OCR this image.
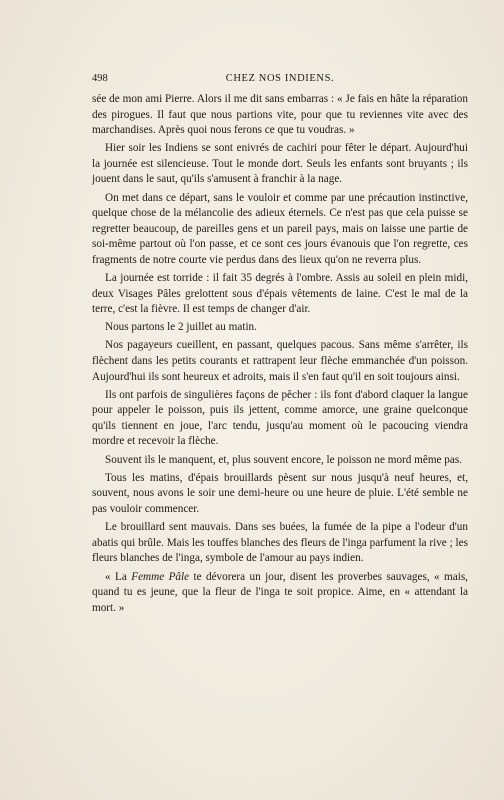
498	CHEZ NOS INDIENS.

sée de mon ami Pierre. Alors il me dit sans embarras : « Je fais en hâte la réparation des pirogues. Il faut que nous partions vite, pour que tu reviennes vite avec des marchandises. Après quoi nous ferons ce que tu voudras. »

Hier soir les Indiens se sont enivrés de cachiri pour fêter le départ. Aujourd'hui la journée est silencieuse. Tout le monde dort. Seuls les enfants sont bruyants ; ils jouent dans le saut, qu'ils s'amusent à franchir à la nage.

On met dans ce départ, sans le vouloir et comme par une précaution instinctive, quelque chose de la mélancolie des adieux éternels. Ce n'est pas que cela puisse se regretter beaucoup, de pareilles gens et un pareil pays, mais on laisse une partie de soi-même partout où l'on passe, et ce sont ces jours évanouis que l'on regrette, ces fragments de notre courte vie perdus dans des lieux qu'on ne reverra plus.

La journée est torride : il fait 35 degrés à l'ombre. Assis au soleil en plein midi, deux Visages Pâles grelottent sous d'épais vêtements de laine. C'est le mal de la terre, c'est la fièvre. Il est temps de changer d'air.

Nous partons le 2 juillet au matin.

Nos pagayeurs cueillent, en passant, quelques pacous. Sans même s'arrêter, ils flèchent dans les petits courants et rattrapent leur flèche emmanchée d'un poisson. Aujourd'hui ils sont heureux et adroits, mais il s'en faut qu'il en soit toujours ainsi.

Ils ont parfois de singulières façons de pêcher : ils font d'abord claquer la langue pour appeler le poisson, puis ils jettent, comme amorce, une graine quelconque qu'ils tiennent en joue, l'arc tendu, jusqu'au moment où le pacoucing viendra mordre et recevoir la flèche.

Souvent ils le manquent, et, plus souvent encore, le poisson ne mord même pas.

Tous les matins, d'épais brouillards pèsent sur nous jusqu'à neuf heures, et, souvent, nous avons le soir une demi-heure ou une heure de pluie. L'été semble ne pas vouloir commencer.

Le brouillard sent mauvais. Dans ses buées, la fumée de la pipe a l'odeur d'un abatis qui brûle. Mais les touffes blanches des fleurs de l'inga parfument la rive ; les fleurs blanches de l'inga, symbole de l'amour au pays indien.

« La Femme Pâle te dévorera un jour, disent les proverbes sauvages, « mais, quand tu es jeune, que la fleur de l'inga te soit propice. Aime, en « attendant la mort. »
